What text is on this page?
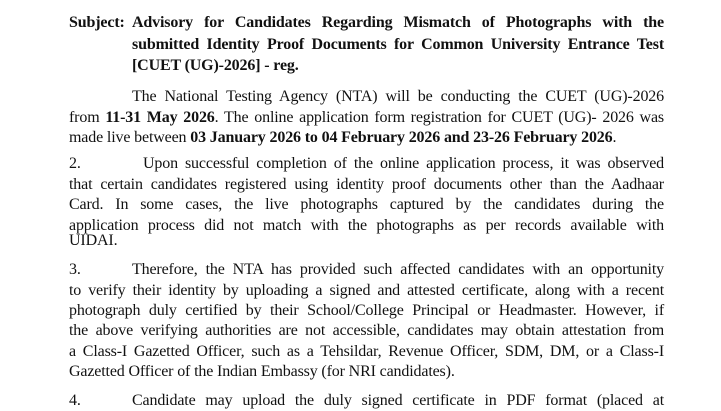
Subject: Advisory for Candidates Regarding Mismatch of Photographs with the
submitted Identity Proof Documents for Common University Entrance Test
[CUET (UG)-2026] - reg.
The National Testing Agency (NTA) will be conducting the CUET (UG)-2026
from 11-31 May 2026. The online application form registration for CUET (UG)- 2026 was
made live between 03 January 2026 to 04 February 2026 and 23-26 February 2026.
2.	Upon successful completion of the online application process, it was observed
that certain candidates registered using identity proof documents other than the Aadhaar
Card. In some cases, the live photographs captured by the candidates during the
application process did not match with the photographs as per records available with
UIDAI.
3.	Therefore, the NTA has provided such affected candidates with an opportunity
to verify their identity by uploading a signed and attested certificate, along with a recent
photograph duly certified by their School/College Principal or Headmaster. However, if
the above verifying authorities are not accessible, candidates may obtain attestation from
a Class-I Gazetted Officer, such as a Tehsildar, Revenue Officer, SDM, DM, or a Class-I
Gazetted Officer of the Indian Embassy (for NRI candidates).
4.	Candidate may upload the duly signed certificate in PDF format (placed at
